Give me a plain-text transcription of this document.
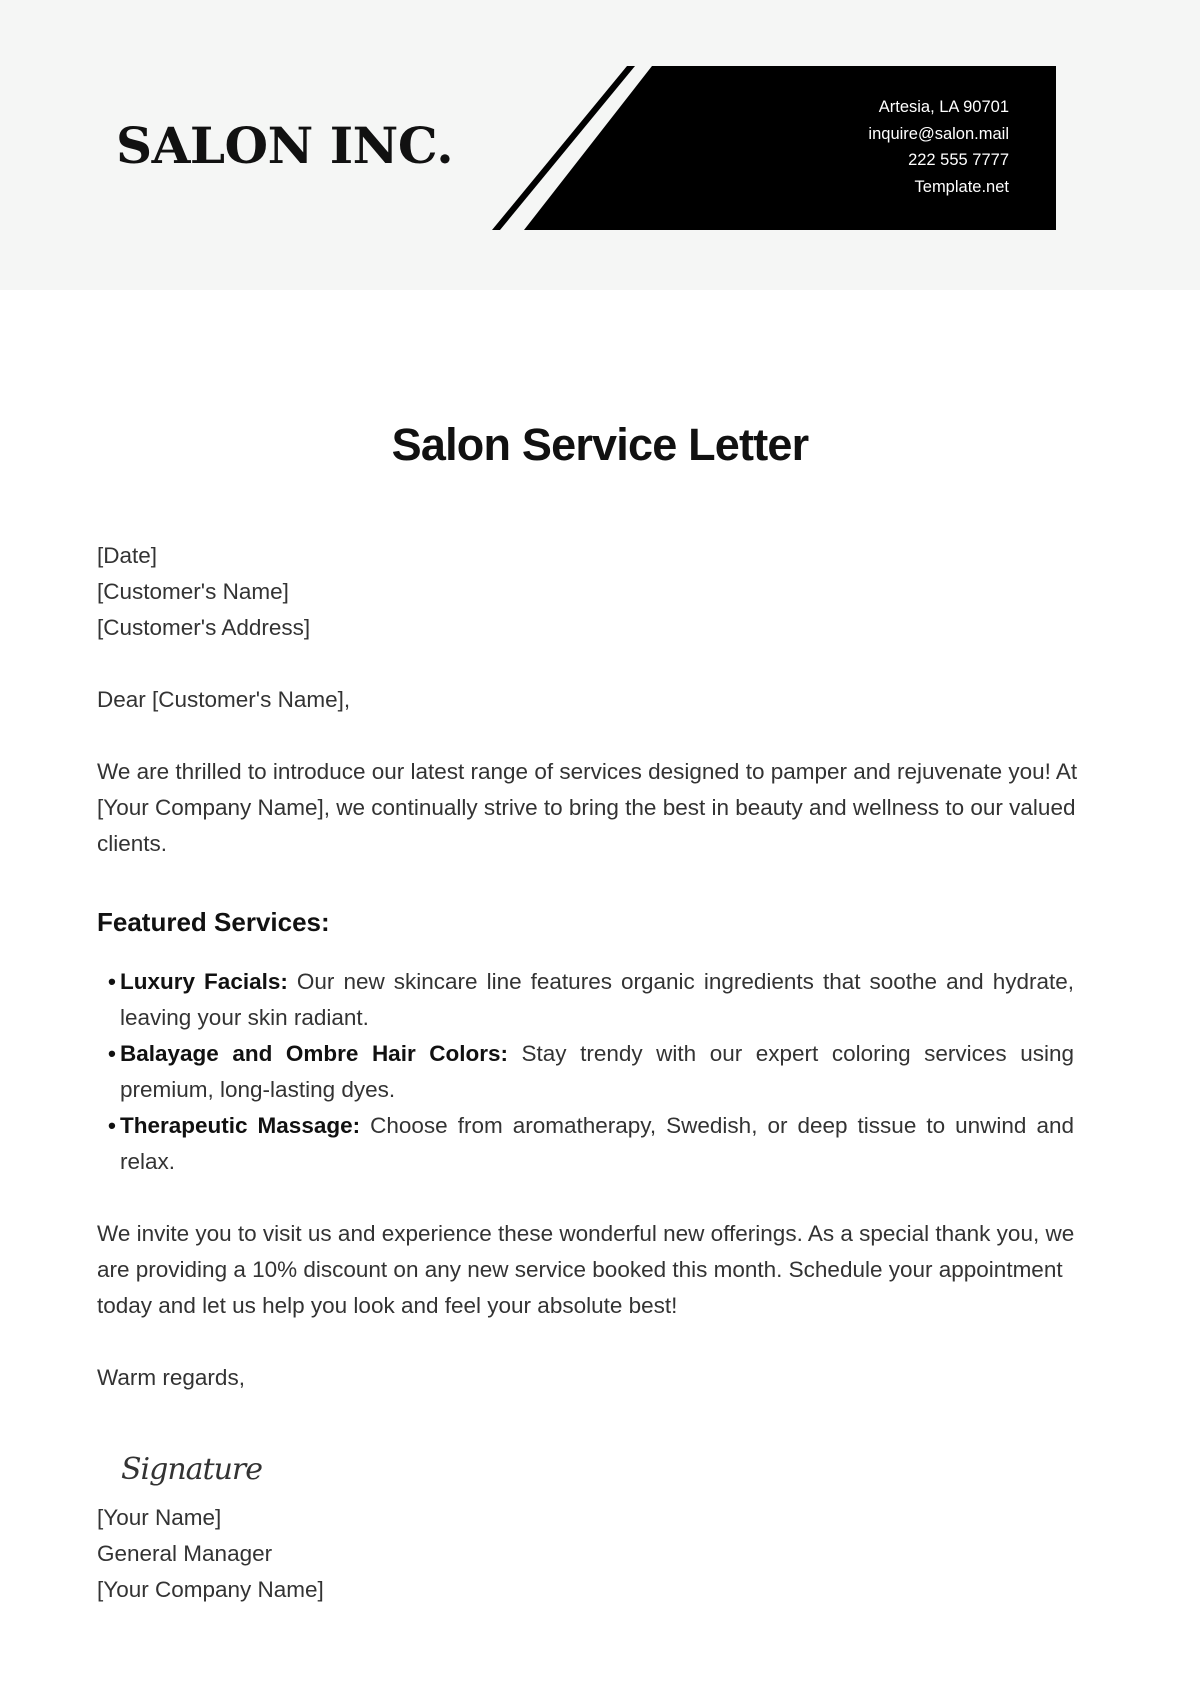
SALON INC.
Artesia, LA 90701
inquire@salon.mail
222 555 7777
Template.net
Salon Service Letter

[Date]

[Customer's Name]

[Customer's Address]

Dear [Customer's Name],

We are thrilled to introduce our latest range of services designed to pamper and rejuvenate you! At [Your Company Name], we continually strive to bring the best in beauty and wellness to our valued clients.

Featured Services:

• Luxury Facials: Our new skincare line features organic ingredients that soothe and hydrate, leaving your skin radiant.
• Balayage and Ombre Hair Colors: Stay trendy with our expert coloring services using premium, long-lasting dyes.
• Therapeutic Massage: Choose from aromatherapy, Swedish, or deep tissue to unwind and relax.

We invite you to visit us and experience these wonderful new offerings. As a special thank you, we are providing a 10% discount on any new service booked this month. Schedule your appointment today and let us help you look and feel your absolute best!

Warm regards,

Signature

[Your Name]

General Manager

[Your Company Name]
